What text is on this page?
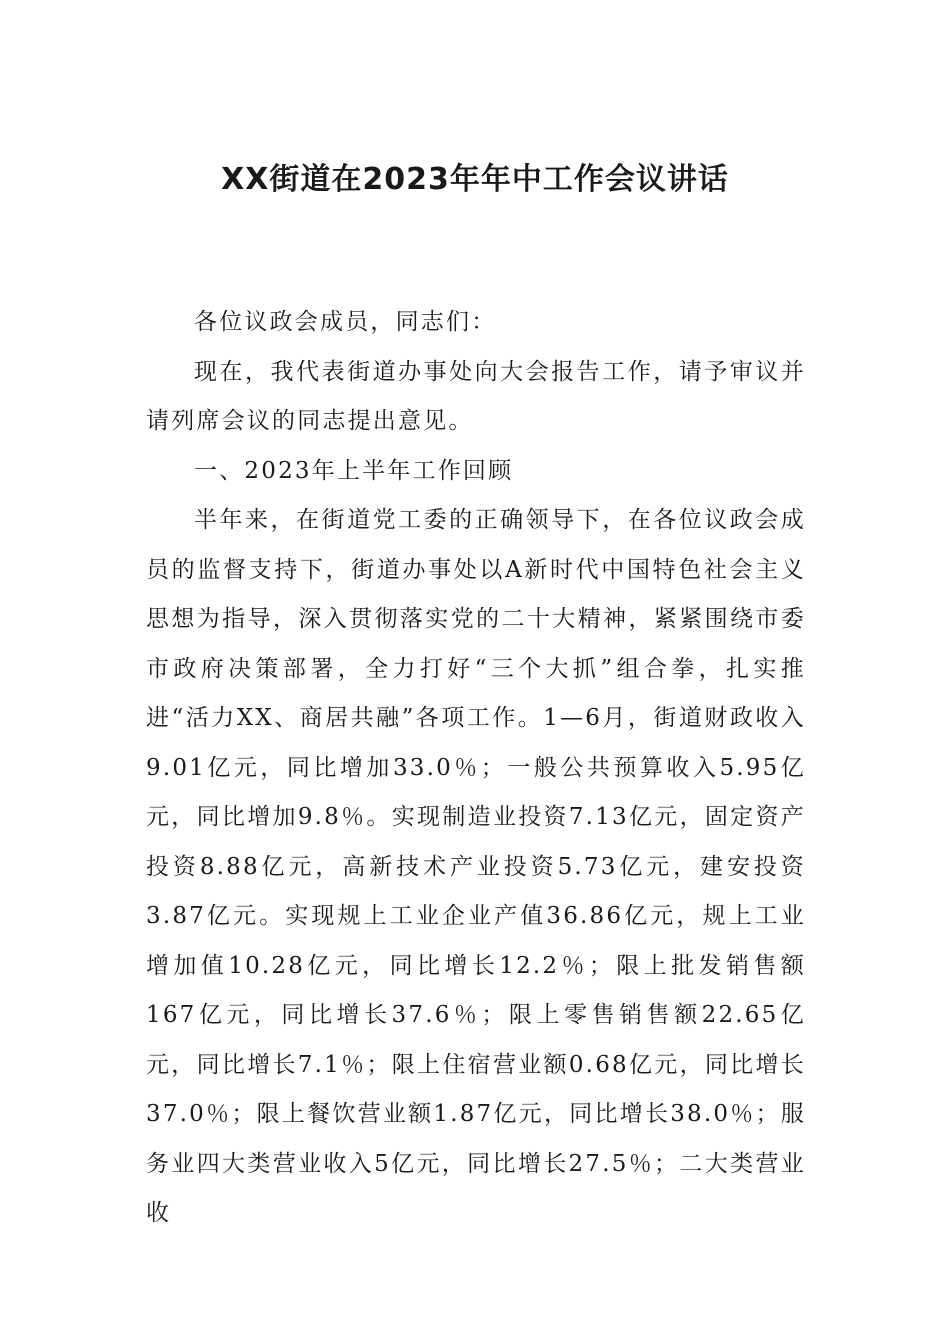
XX街道在2023年年中工作会议讲话

各位议政会成员，同志们：

现在，我代表街道办事处向大会报告工作，请予审议并请列席会议的同志提出意见。

一、2023年上半年工作回顾

半年来，在街道党工委的正确领导下，在各位议政会成员的监督支持下，街道办事处以A新时代中国特色社会主义思想为指导，深入贯彻落实党的二十大精神，紧紧围绕市委市政府决策部署，全力打好“三个大抓”组合拳，扎实推进“活力XX、商居共融”各项工作。1—6月，街道财政收入9.01亿元，同比增加33.0％；一般公共预算收入5.95亿元，同比增加9.8％。实现制造业投资7.13亿元，固定资产投资8.88亿元，高新技术产业投资5.73亿元，建安投资3.87亿元。实现规上工业企业产值36.86亿元，规上工业增加值10.28亿元，同比增长12.2％；限上批发销售额167亿元，同比增长37.6％；限上零售销售额22.65亿元，同比增长7.1％；限上住宿营业额0.68亿元，同比增长37.0％；限上餐饮营业额1.87亿元，同比增长38.0％；服务业四大类营业收入5亿元，同比增长27.5％；二大类营业收
